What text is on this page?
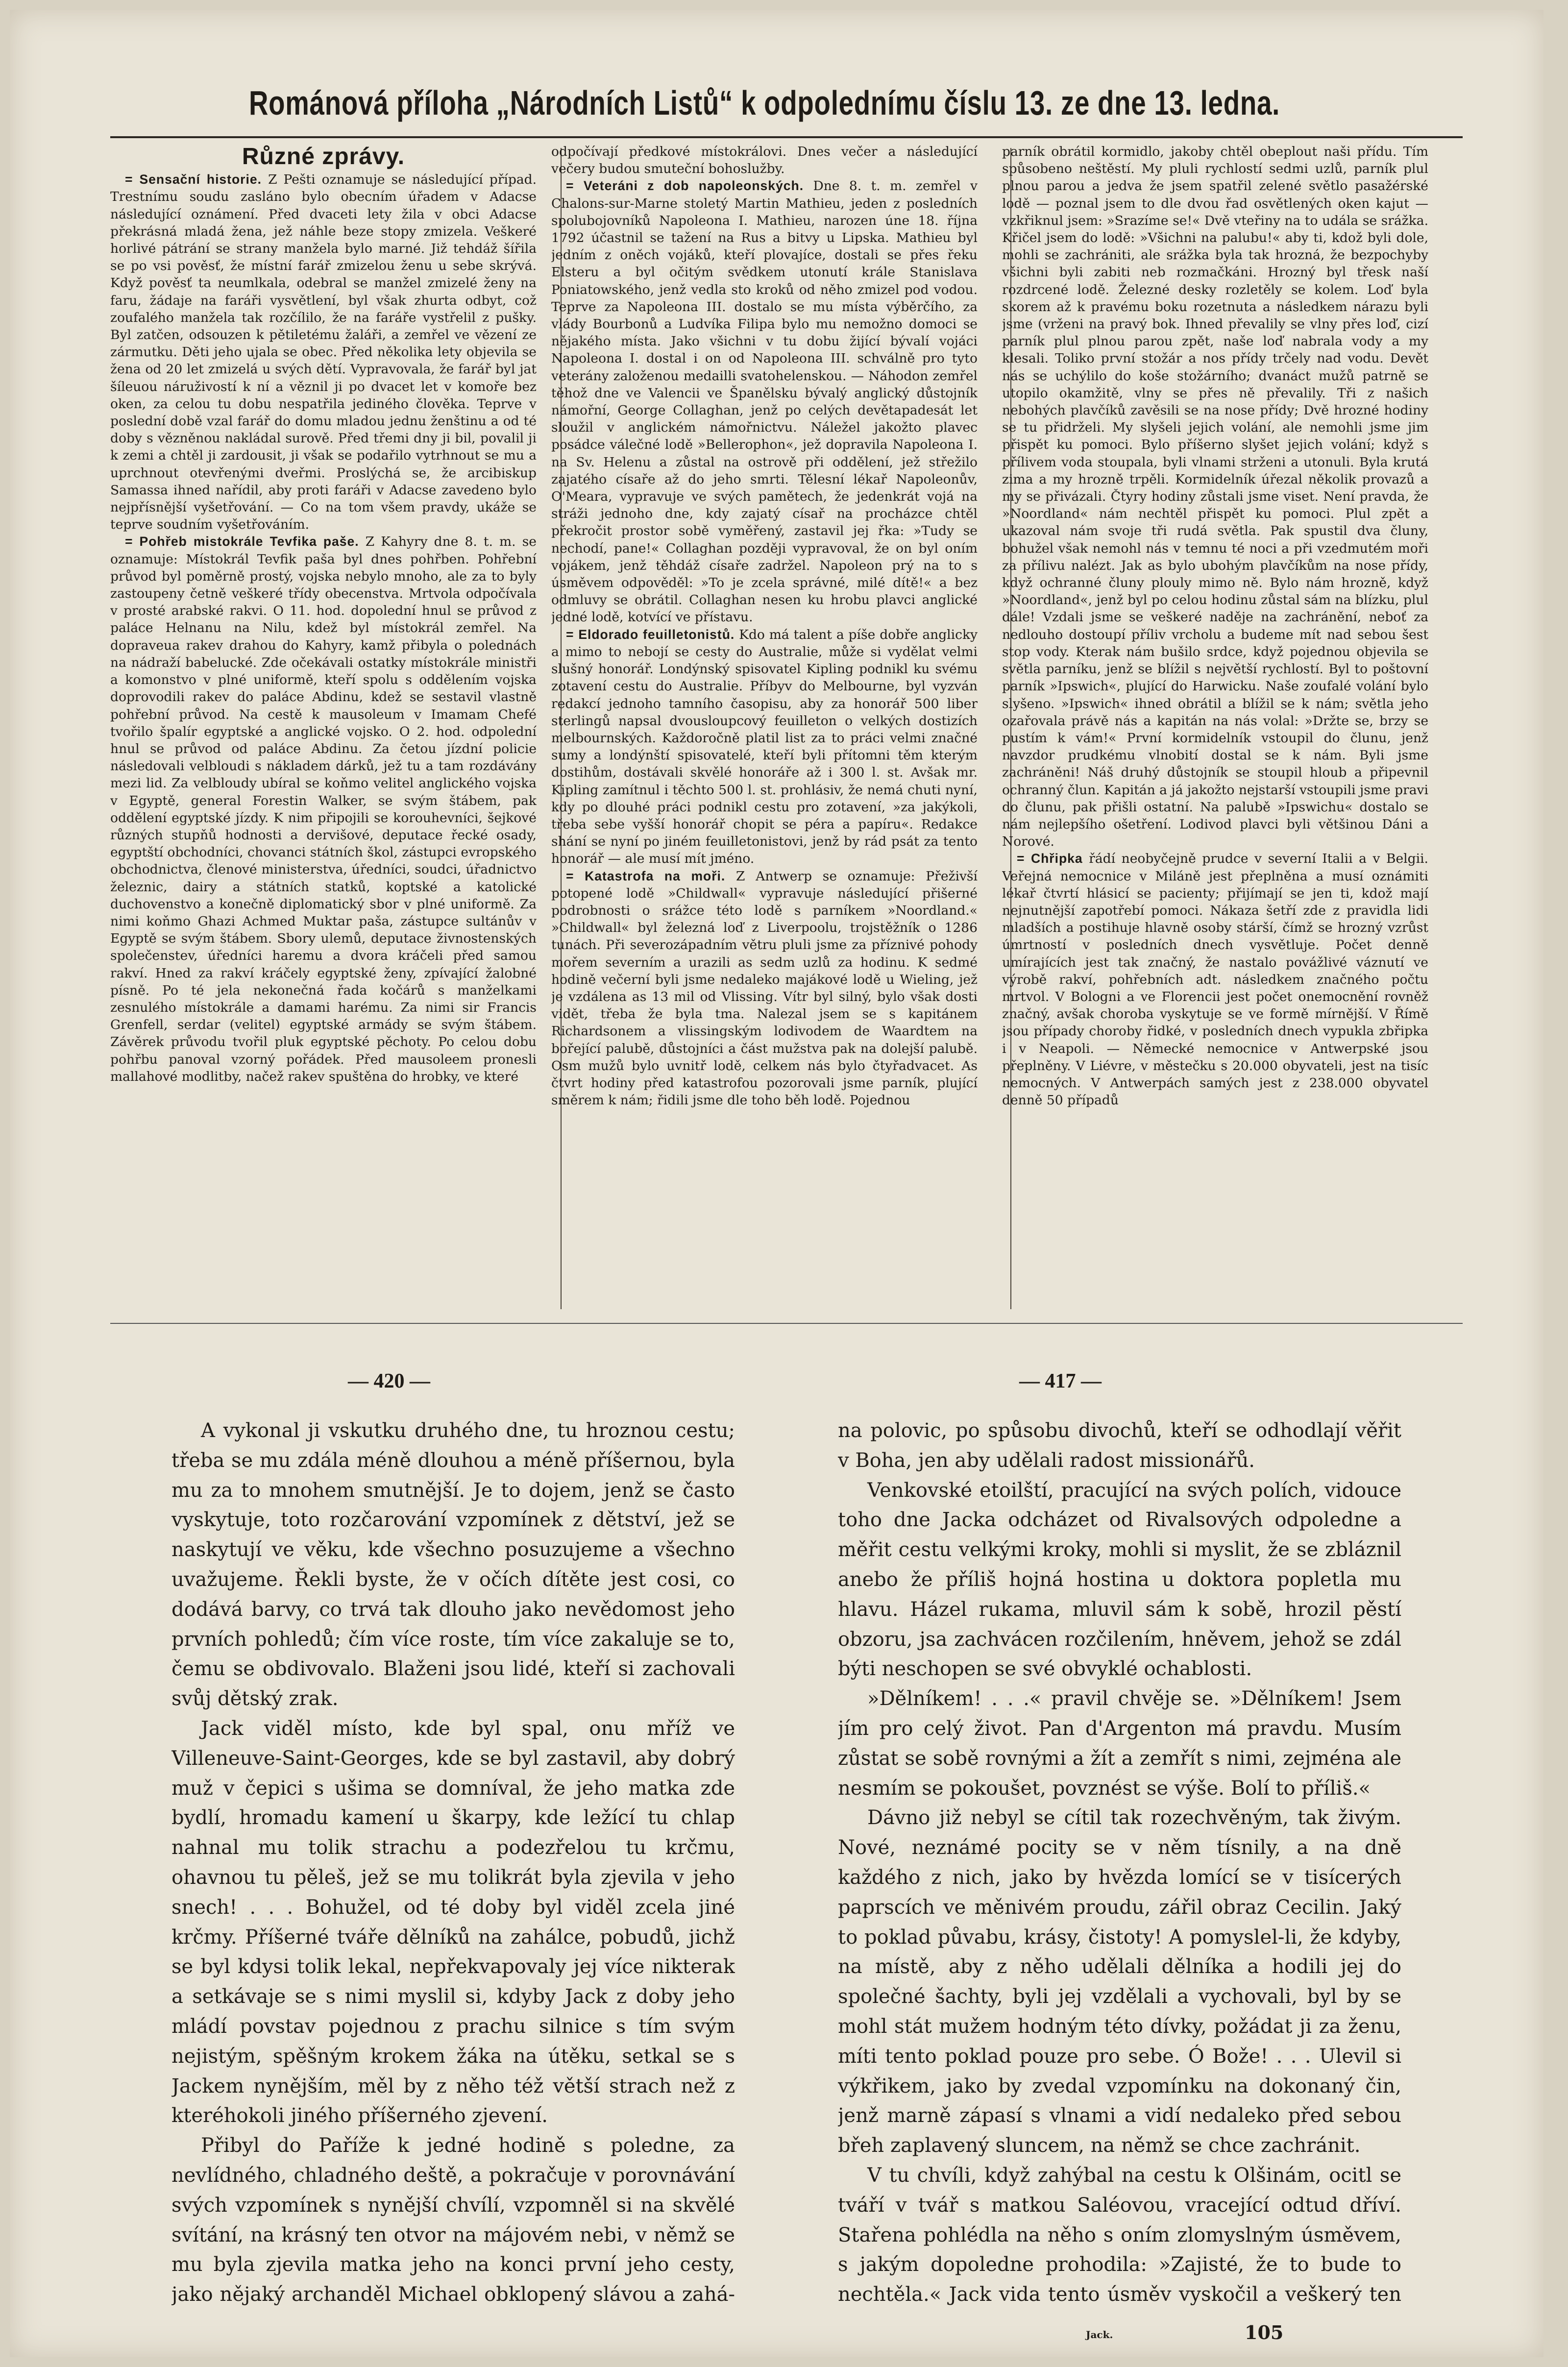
Románová příloha „Národních Listů“ k odpolednímu číslu 13. ze dne 13. ledna.
Různé zprávy.

= Sensační historie. Z Pešti oznamuje se následující případ. Trestnímu soudu zasláno bylo obecním úřadem v Adacse následující oznámení. Před dvaceti lety žila v obci Adacse překrásná mladá žena, jež náhle beze stopy zmizela. Veškeré horlivé pátrání se strany manžela bylo marné. Již tehdáž šířila se po vsi pověsť, že místní farář zmizelou ženu u sebe skrývá. Když pověsť ta neumlkala, odebral se manžel zmizelé ženy na faru, žádaje na faráři vysvětlení, byl však zhurta odbyt, což zoufalého manžela tak rozčílilo, že na faráře vystřelil z pušky. Byl zatčen, odsouzen k pětiletému žaláři, a zemřel ve vězení ze zármutku. Děti jeho ujala se obec. Před několika lety objevila se žena od 20 let zmizelá u svých dětí. Vypravovala, že farář byl jat šíleuou náruživostí k ní a věznil ji po dvacet let v komoře bez oken, za celou tu dobu nespatřila jediného člověka. Teprve v poslední době vzal farář do domu mladou jednu ženštinu a od té doby s vězněnou nakládal surově. Před třemi dny ji bil, povalil ji k zemi a chtěl ji zardousit, ji však se podařilo vytrhnout se mu a uprchnout otevřenými dveřmi. Proslýchá se, že arcibiskup Samassa ihned nařídil, aby proti faráři v Adacse zavedeno bylo nejpřísnější vyšetřování. — Co na tom všem pravdy, ukáže se teprve soudním vyšetřováním.

= Pohřeb mistokrále Tevfika paše. Z Kahyry dne 8. t. m. se oznamuje: Místokrál Tevfik paša byl dnes pohřben. Pohřební průvod byl poměrně prostý, vojska nebylo mnoho, ale za to byly zastoupeny četně veškeré třídy obecenstva. Mrtvola odpočívala v prosté arabské rakvi. O 11. hod. dopolední hnul se průvod z paláce Helnanu na Nilu, kdež byl místokrál zemřel. Na dopraveua rakev drahou do Kahyry, kamž přibyla o polednách na nádraží babelucké. Zde očekávali ostatky místokrále ministři a komonstvo v plné uniformě, kteří spolu s oddělením vojska doprovodili rakev do paláce Abdinu, kdež se sestavil vlastně pohřební průvod. Na cestě k mausoleum v Imamam Chefé tvořilo špalír egyptské a anglické vojsko. O 2. hod. odpolední hnul se průvod od paláce Abdinu. Za četou jízdní policie následovali velbloudi s nákladem dárků, jež tu a tam rozdávány mezi lid. Za velbloudy ubíral se koňmo velitel anglického vojska v Egyptě, general Forestin Walker, se svým štábem, pak oddělení egyptské jízdy. K nim připojili se korouhevníci, šejkové různých stupňů hodnosti a dervišové, deputace řecké osady, egyptští obchodníci, chovanci státních škol, zástupci evropského obchodnictva, členové ministerstva, úředníci, soudci, úřadnictvo železnic, dairy a státních statků, koptské a katolické duchovenstvo a konečně diplomatický sbor v plné uniformě. Za nimi koňmo Ghazi Achmed Muktar paša, zástupce sultánův v Egyptě se svým štábem. Sbory ulemů, deputace živnostenských společenstev, úředníci haremu a dvora kráčeli před samou rakví. Hned za rakví kráčely egyptské ženy, zpívající žalobné písně. Po té jela nekonečná řada kočárů s manželkami zesnulého místokrále a damami harému. Za nimi sir Francis Grenfell, serdar (velitel) egyptské armády se svým štábem. Závěrek průvodu tvořil pluk egyptské pěchoty. Po celou dobu pohřbu panoval vzorný pořádek. Před mausoleem pronesli mallahové modlitby, načež rakev spuštěna do hrobky, ve které

odpočívají předkové místokrálovi. Dnes večer a následující večery budou smuteční bohoslužby.

= Veteráni z dob napoleonských. Dne 8. t. m. zemřel v Chalons-sur-Marne stoletý Martin Mathieu, jeden z posledních spolubojovníků Napoleona I. Mathieu, narozen úne 18. října 1792 účastnil se tažení na Rus a bitvy u Lipska. Mathieu byl jedním z oněch vojáků, kteří plovajíce, dostali se přes řeku Elsteru a byl očitým svědkem utonutí krále Stanislava Poniatowského, jenž vedla sto kroků od něho zmizel pod vodou. Teprve za Napoleona III. dostalo se mu místa výběrčího, za vlády Bourbonů a Ludvíka Filipa bylo mu nemožno domoci se nějakého místa. Jako všichni v tu dobu žijící bývalí vojáci Napoleona I. dostal i on od Napoleona III. schválně pro tyto veterány založenou medailli svatohelenskou. — Náhodon zemřel těhož dne ve Valencii ve Španělsku bývalý anglický důstojník námořní, George Collaghan, jenž po celých devětapadesát let sloužil v anglickém námořnictvu. Náležel jakožto plavec posádce válečné lodě »Bellerophon«, jež dopravila Napoleona I. na Sv. Helenu a zůstal na ostrově při oddělení, jež střežilo zajatého císaře až do jeho smrti. Tělesní lékař Napoleonův, O'Meara, vypravuje ve svých pamětech, že jedenkrát vojá na stráži jednoho dne, kdy zajatý císař na procházce chtěl překročit prostor sobě vyměřený, zastavil jej řka: »Tudy se nechodí, pane!« Collaghan později vypravoval, že on byl oním vojákem, jenž těhdáž císaře zadržel. Napoleon prý na to s úsměvem odpověděl: »To je zcela správné, milé dítě!« a bez odmluvy se obrátil. Collaghan nesen ku hrobu plavci anglické jedné lodě, kotvící ve přístavu.

= Eldorado feuilletonistů. Kdo má talent a píše dobře anglicky a mimo to nebojí se cesty do Australie, může si vydělat velmi slušný honorář. Londýnský spisovatel Kipling podnikl ku svému zotavení cestu do Australie. Příbyv do Melbourne, byl vyzván redakcí jednoho tamního časopisu, aby za honorář 500 liber sterlingů napsal dvousloupcový feuilleton o velkých dostizích melbournských. Každoročně platil list za to práci velmi značné sumy a londýnští spisovatelé, kteří byli přítomni těm kterým dostihům, dostávali skvělé honoráře až i 300 l. st. Avšak mr. Kipling zamítnul i těchto 500 l. st. prohlásiv, že nemá chuti nyní, kdy po dlouhé práci podnikl cestu pro zotavení, »za jakýkoli, třeba sebe vyšší honorář chopit se péra a papíru«. Redakce shání se nyní po jiném feuilletonistovi, jenž by rád psát za tento honorář — ale musí mít jméno.

= Katastrofa na moři. Z Antwerp se oznamuje: Přeživší potopené lodě »Childwall« vypravuje následující přišerné podrobnosti o srážce této lodě s parníkem »Noordland.« »Childwall« byl železná loď z Liverpoolu, trojstěžník o 1286 tunách. Při severozápadním větru pluli jsme za příznivé pohody mořem severním a urazili as sedm uzlů za hodinu. K sedmé hodině večerní byli jsme nedaleko majákové lodě u Wieling, jež je vzdálena as 13 mil od Vlissing. Vítr byl silný, bylo však dosti vidět, třeba že byla tma. Nalezal jsem se s kapitánem Richardsonem a vlissingským lodivodem de Waardtem na bořející palubě, důstojníci a část mužstva pak na dolejší palubě. Osm mužů bylo uvnitř lodě, celkem nás bylo čtyřadvacet. As čtvrt hodiny před katastrofou pozorovali jsme parník, plující směrem k nám; řidili jsme dle toho běh lodě. Pojednou

parník obrátil kormidlo, jakoby chtěl obeplout naši přídu. Tím spůsobeno neštěstí. My pluli rychlostí sedmi uzlů, parník plul plnou parou a jedva že jsem spatřil zelené světlo pasažérské lodě — poznal jsem to dle dvou řad osvětlených oken kajut — vzkřiknul jsem: »Srazíme se!« Dvě vteřiny na to udála se srážka. Křičel jsem do lodě: »Všichni na palubu!« aby ti, kdož byli dole, mohli se zachrániti, ale srážka byla tak hrozná, že bezpochyby všichni byli zabiti neb rozmačkáni. Hrozný byl třesk naší rozdrcené lodě. Železné desky rozletěly se kolem. Loď byla skorem až k pravému boku rozetnuta a následkem nárazu byli jsme (vrženi na pravý bok. Ihned převalily se vlny přes loď, cizí parník plul plnou parou zpět, naše loď nabrala vody a my klesali. Toliko první stožár a nos přídy trčely nad vodu. Devět nás se uchýlilo do koše stožárního; dvanáct mužů patrně se utopilo okamžitě, vlny se přes ně převalily. Tři z našich nebohých plavčíků zavěsili se na nose přídy; Dvě hrozné hodiny se tu přidrželi. My slyšeli jejich volání, ale nemohli jsme jim přispět ku pomoci. Bylo příšerno slyšet jejich volání; když s přílivem voda stoupala, byli vlnami strženi a utonuli. Byla krutá zima a my hrozně trpěli. Kormidelník úřezal několik provazů a my se přivázali. Čtyry hodiny zůstali jsme viset. Není pravda, že »Noordland« nám nechtěl přispět ku pomoci. Plul zpět a ukazoval nám svoje tři rudá světla. Pak spustil dva čluny, bohužel však nemohl nás v temnu té noci a při vzedmutém moři za přílivu nalézt. Jak as bylo ubohým plavčíkům na nose přídy, když ochranné čluny plouly mimo ně. Bylo nám hrozně, když »Noordland«, jenž byl po celou hodinu zůstal sám na blízku, plul dále! Vzdali jsme se veškeré naděje na zachránění, neboť za nedlouho dostoupí příliv vrcholu a budeme mít nad sebou šest stop vody. Kterak nám bušilo srdce, když pojednou objevila se světla parníku, jenž se blížil s největší rychlostí. Byl to poštovní parník »Ipswich«, plující do Harwicku. Naše zoufalé volání bylo slyšeno. »Ipswich« ihned obrátil a blížil se k nám; světla jeho ozařovala právě nás a kapitán na nás volal: »Držte se, brzy se pustím k vám!« První kormidelník vstoupil do člunu, jenž navzdor prudkému vlnobití dostal se k nám. Byli jsme zachráněni! Náš druhý důstojník se stoupil hloub a připevnil ochranný člun. Kapitán a já jakožto nejstarší vstoupili jsme pravi do člunu, pak přišli ostatní. Na palubě »Ipswichu« dostalo se nám nejlepšího ošetření. Lodivod plavci byli většinou Dáni a Norové.

= Chřipka řádí neobyčejně prudce v severní Italii a v Belgii. Veřejná nemocnice v Miláně jest přeplněna a musí oznámiti lékař čtvrtí hlásicí se pacienty; přijímají se jen ti, kdož mají nejnutnější zapotřebí pomoci. Nákaza šetří zde z pravidla lidi mladších a postihuje hlavně osoby stárší, čímž se hrozný vzrůst úmrtností v posledních dnech vysvětluje. Počet denně umírajících jest tak značný, že nastalo povážlivé váznutí ve výrobě rakví, pohřebních adt. následkem značného počtu mrtvol. V Bologni a ve Florencii jest počet onemocnění rovněž značný, avšak choroba vyskytuje se ve formě mírnější. V Římě jsou případy choroby řidké, v posledních dnech vypukla zbřipka i v Neapoli. — Německé nemocnice v Antwerpské jsou přeplněny. V Liévre, v městečku s 20.000 obyvateli, jest na tisíc nemocných. V Antwerpách samých jest z 238.000 obyvatel denně 50 případů

— 420 —	— 417 —

A vykonal ji vskutku druhého dne, tu hroznou cestu; třeba se mu zdála méně dlouhou a méně příšernou, byla mu za to mnohem smutnější. Je to dojem, jenž se často vyskytuje, toto rozčarování vzpomínek z dětství, jež se naskytují ve věku, kde všechno posuzujeme a všechno uvažujeme. Řekli byste, že v očích dítěte jest cosi, co dodává barvy, co trvá tak dlouho jako nevědomost jeho prvních pohledů; čím více roste, tím více zakaluje se to, čemu se obdivovalo. Blaženi jsou lidé, kteří si zachovali svůj dětský zrak.

Jack viděl místo, kde byl spal, onu mříž ve Villeneuve-Saint-Georges, kde se byl zastavil, aby dobrý muž v čepici s ušima se domníval, že jeho matka zde bydlí, hromadu kamení u škarpy, kde ležící tu chlap nahnal mu tolik strachu a podezřelou tu krčmu, ohavnou tu pěleš, jež se mu tolikrát byla zjevila v jeho snech! . . . Bohužel, od té doby byl viděl zcela jiné krčmy. Příšerné tváře dělníků na zahálce, pobudů, jichž se byl kdysi tolik lekal, nepřekvapovaly jej více nikterak a setkávaje se s nimi myslil si, kdyby Jack z doby jeho mládí povstav pojednou z prachu silnice s tím svým nejistým, spěšným krokem žáka na útěku, setkal se s Jackem nynějším, měl by z něho též větší strach než z kteréhokoli jiného příšerného zjevení.

Přibyl do Paříže k jedné hodině s poledne, za nevlídného, chladného deště, a pokračuje v porovnávání svých vzpomínek s nynější chvílí, vzpomněl si na skvělé svítání, na krásný ten otvor na májovém nebi, v němž se mu byla zjevila matka jeho na konci první jeho cesty, jako nějaký archanděl Michael obklopený slávou a zahá-

na polovic, po spůsobu divochů, kteří se odhodlají věřit v Boha, jen aby udělali radost missionářů.

Venkovské etoilští, pracující na svých polích, vidouce toho dne Jacka odcházet od Rivalsových odpoledne a měřit cestu velkými kroky, mohli si myslit, že se zbláznil anebo že příliš hojná hostina u doktora popletla mu hlavu. Házel rukama, mluvil sám k sobě, hrozil pěstí obzoru, jsa zachvácen rozčilením, hněvem, jehož se zdál býti neschopen se své obvyklé ochablosti.

»Dělníkem! . . .« pravil chvěje se. »Dělníkem! Jsem jím pro celý život. Pan d'Argenton má pravdu. Musím zůstat se sobě rovnými a žít a zemřít s nimi, zejména ale nesmím se pokoušet, povznést se výše. Bolí to příliš.«

Dávno již nebyl se cítil tak rozechvěným, tak živým. Nové, neznámé pocity se v něm tísnily, a na dně každého z nich, jako by hvězda lomící se v tisícerých paprscích ve měnivém proudu, zářil obraz Cecilin. Jaký to poklad půvabu, krásy, čistoty! A pomyslel-li, že kdyby, na místě, aby z něho udělali dělníka a hodili jej do společné šachty, byli jej vzdělali a vychovali, byl by se mohl stát mužem hodným této dívky, požádat ji za ženu, míti tento poklad pouze pro sebe. Ó Bože! . . . Ulevil si výkřikem, jako by zvedal vzpomínku na dokonaný čin, jenž marně zápasí s vlnami a vidí nedaleko před sebou břeh zaplavený sluncem, na němž se chce zachránit.

V tu chvíli, když zahýbal na cestu k Olšinám, ocitl se tváří v tvář s matkou Saléovou, vracející odtud dříví. Stařena pohlédla na něho s oním zlomyslným úsměvem, s jakým dopoledne prohodila: »Zajisté, že to bude to nechtěla.« Jack vida tento úsměv vyskočil a veškerý ten

Jack.	105
